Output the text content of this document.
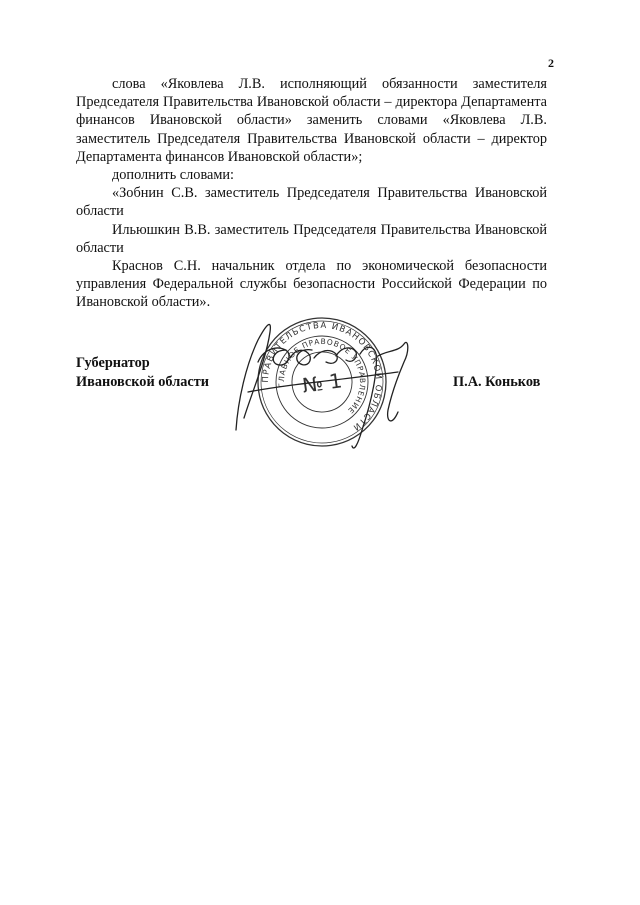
2

слова «Яковлева Л.В. исполняющий обязанности заместителя Председателя Правительства Ивановской области – директора Департамента финансов Ивановской области» заменить словами «Яковлева Л.В. заместитель Председателя Правительства Ивановской области – директор Департамента финансов Ивановской области»;

дополнить словами:

«Зобнин С.В. заместитель Председателя Правительства Ивановской области

Ильюшкин В.В. заместитель Председателя Правительства Ивановской области

Краснов С.Н. начальник отдела по экономической безопасности управления Федеральной службы безопасности Российской Федерации по Ивановской области».

Губернатор
Ивановской области	П.А. Коньков
ПРАВИТЕЛЬСТВА ИВАНОВСКОЙ ОБЛАСТИ
ГЛАВНОЕ ПРАВОВОЕ УПРАВЛЕНИЕ
№ 1
